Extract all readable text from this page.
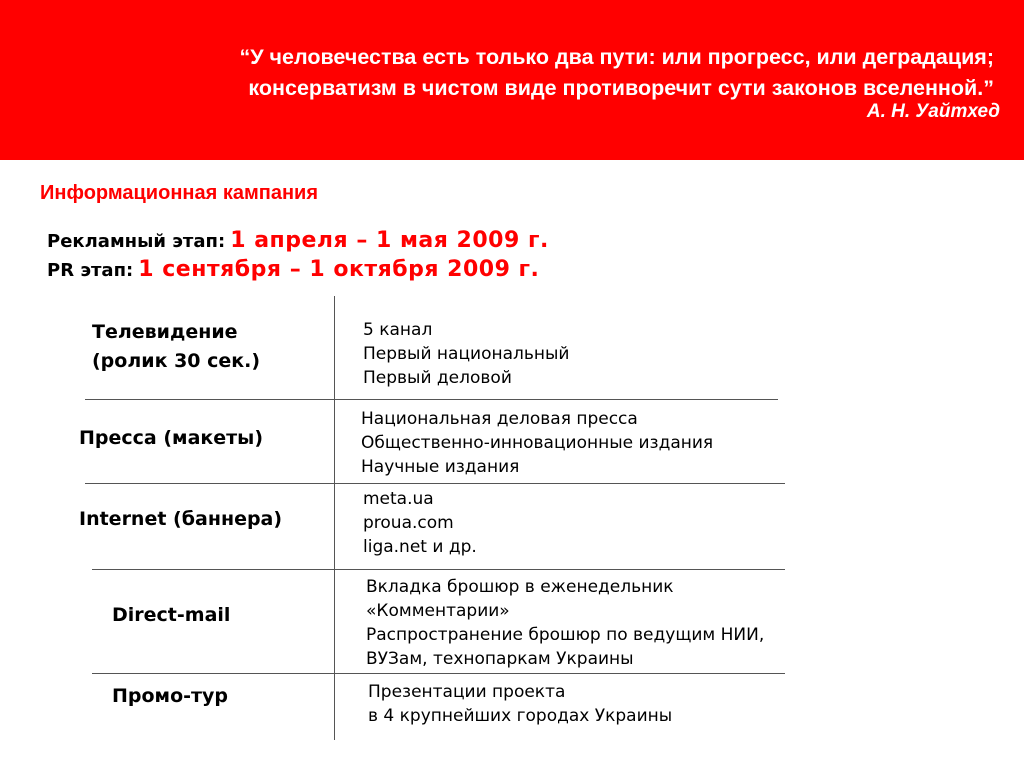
“У человечества есть только два пути: или прогресс, или деградация;
консерватизм в чистом виде противоречит сути законов вселенной.”
А. Н. Уайтхед
Информационная кампания
Рекламный этап: 1 апреля – 1 мая 2009 г.
PR этап: 1 сентября – 1 октября 2009 г.
Телевидение
(ролик 30 сек.)
5 канал
Первый национальный
Первый деловой
Пресса (макеты)
Национальная деловая пресса
Общественно-инновационные издания
Научные издания
Internet (баннера)
meta.ua
proua.com
liga.net и др.
Direct-mail
Вкладка брошюр в еженедельник
«Комментарии»
Распространение брошюр по ведущим НИИ,
ВУЗам, технопаркам Украины
Промо-тур	Презентации проекта
в 4 крупнейших городах Украины
